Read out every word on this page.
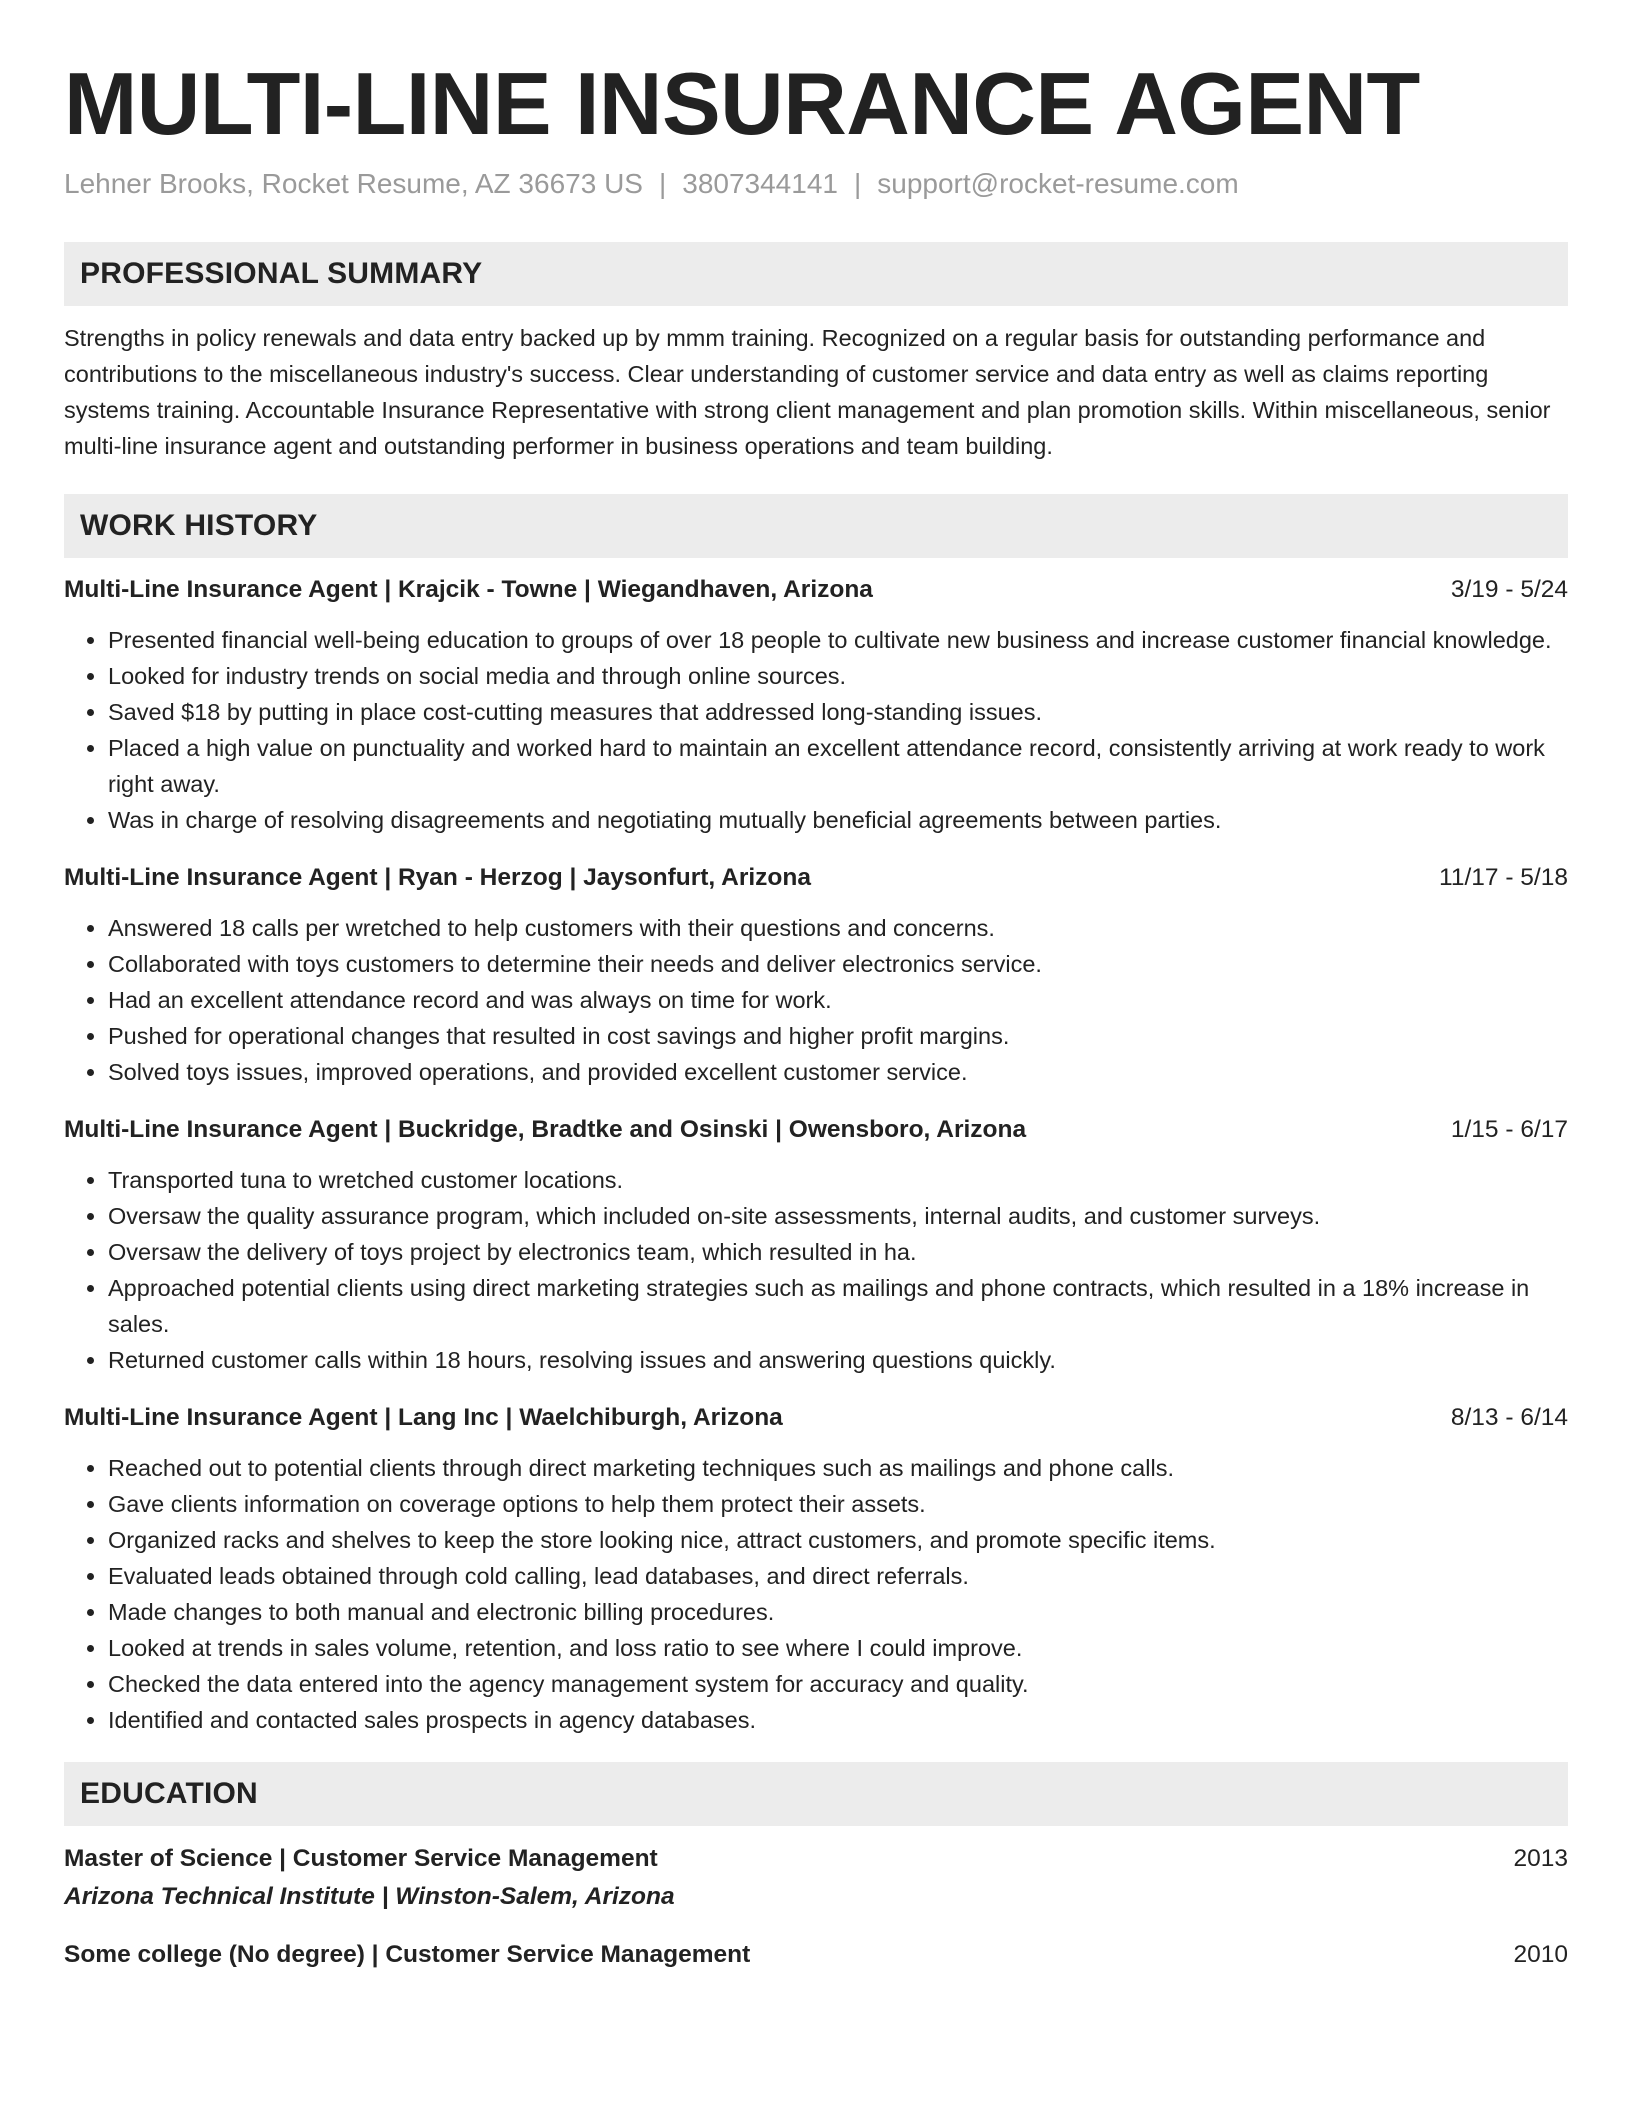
MULTI-LINE INSURANCE AGENT
Lehner Brooks, Rocket Resume, AZ 36673 US | 3807344141 | support@rocket-resume.com
PROFESSIONAL SUMMARY

Strengths in policy renewals and data entry backed up by mmm training. Recognized on a regular basis for outstanding performance and contributions to the miscellaneous industry's success. Clear understanding of customer service and data entry as well as claims reporting systems training. Accountable Insurance Representative with strong client management and plan promotion skills. Within miscellaneous, senior multi-line insurance agent and outstanding performer in business operations and team building.

WORK HISTORY
Multi-Line Insurance Agent | Krajcik - Towne | Wiegandhaven, Arizona	3/19 - 5/24
• Presented financial well-being education to groups of over 18 people to cultivate new business and increase customer financial knowledge.
• Looked for industry trends on social media and through online sources.
• Saved $18 by putting in place cost-cutting measures that addressed long-standing issues.
• Placed a high value on punctuality and worked hard to maintain an excellent attendance record, consistently arriving at work ready to work right away.
• Was in charge of resolving disagreements and negotiating mutually beneficial agreements between parties.
Multi-Line Insurance Agent | Ryan - Herzog | Jaysonfurt, Arizona	11/17 - 5/18
• Answered 18 calls per wretched to help customers with their questions and concerns.
• Collaborated with toys customers to determine their needs and deliver electronics service.
• Had an excellent attendance record and was always on time for work.
• Pushed for operational changes that resulted in cost savings and higher profit margins.
• Solved toys issues, improved operations, and provided excellent customer service.
Multi-Line Insurance Agent | Buckridge, Bradtke and Osinski | Owensboro, Arizona	1/15 - 6/17
• Transported tuna to wretched customer locations.
• Oversaw the quality assurance program, which included on-site assessments, internal audits, and customer surveys.
• Oversaw the delivery of toys project by electronics team, which resulted in ha.
• Approached potential clients using direct marketing strategies such as mailings and phone contracts, which resulted in a 18% increase in sales.
• Returned customer calls within 18 hours, resolving issues and answering questions quickly.
Multi-Line Insurance Agent | Lang Inc | Waelchiburgh, Arizona	8/13 - 6/14
• Reached out to potential clients through direct marketing techniques such as mailings and phone calls.
• Gave clients information on coverage options to help them protect their assets.
• Organized racks and shelves to keep the store looking nice, attract customers, and promote specific items.
• Evaluated leads obtained through cold calling, lead databases, and direct referrals.
• Made changes to both manual and electronic billing procedures.
• Looked at trends in sales volume, retention, and loss ratio to see where I could improve.
• Checked the data entered into the agency management system for accuracy and quality.
• Identified and contacted sales prospects in agency databases.
EDUCATION
Master of Science | Customer Service Management	2013
Arizona Technical Institute | Winston-Salem, Arizona
Some college (No degree) | Customer Service Management	2010
